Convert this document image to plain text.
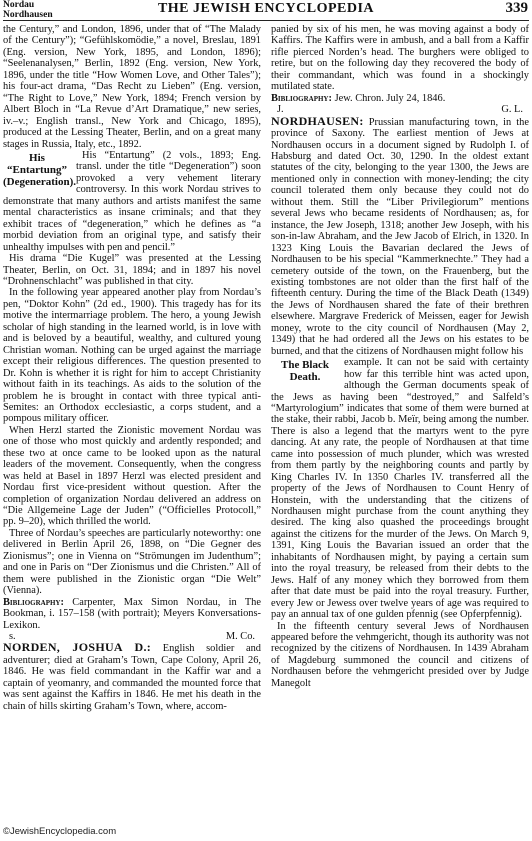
Nordau
Nordhausen	THE JEWISH ENCYCLOPEDIA	339

the Century,” and London, 1896, under that of “The Malady of the Century”); “Gefühlskomödie,” a novel, Breslau, 1891 (Eng. version, New York, 1895, and London, 1896); “Seelenanalysen,” Berlin, 1892 (Eng. version, New York, 1896, under the title “How Women Love, and Other Tales”); his four-act drama, “Das Recht zu Lieben” (Eng. version, “The Right to Love,” New York, 1894; French version by Albert Bloch in “La Revue d’Art Dramatique,” new series, iv.–v.; English transl., New York and Chicago, 1895), produced at the Lessing Theater, Berlin, and on a great many stages in Russia, Italy, etc., 1892.

His “Entartung” (Degeneration).

His “Entartung” (2 vols., 1893; Eng. transl. under the title “Degeneration”) soon provoked a very vehement literary controversy. In this work Nordau strives to demonstrate that many authors and artists manifest the same mental characteristics as insane criminals; and that they exhibit traces of “degeneration,” which he defines as “a morbid deviation from an original type, and satisfy their unhealthy impulses with pen and pencil.”

His drama “Die Kugel” was presented at the Lessing Theater, Berlin, on Oct. 31, 1894; and in 1897 his novel “Drohnenschlacht” was published in that city.

In the following year appeared another play from Nordau’s pen, “Doktor Kohn” (2d ed., 1900). This tragedy has for its motive the intermarriage problem. The hero, a young Jewish scholar of high standing in the learned world, is in love with and is beloved by a beautiful, wealthy, and cultured young Christian woman. Nothing can be urged against the marriage except their religious differences. The question presented to Dr. Kohn is whether it is right for him to accept Christianity without faith in its teachings. As aids to the solution of the problem he is brought in contact with three typical anti-Semites: an Orthodox ecclesiastic, a corps student, and a pompous military officer.

When Herzl started the Zionistic movement Nordau was one of those who most quickly and ardently responded; and these two at once came to be looked upon as the natural leaders of the movement. Consequently, when the congress was held at Basel in 1897 Herzl was elected president and Nordau first vice-president without question. After the completion of organization Nordau delivered an address on “Die Allgemeine Lage der Juden” (“Officielles Protocoll,” pp. 9–20), which thrilled the world.

Three of Nordau’s speeches are particularly noteworthy: one delivered in Berlin April 26, 1898, on “Die Gegner des Zionismus”; one in Vienna on “Strömungen im Judenthum”; and one in Paris on “Der Zionismus und die Christen.” All of them were published in the Zionistic organ “Die Welt” (Vienna).

Bibliography: Carpenter, Max Simon Nordau, in The Bookman, i. 157–158 (with portrait); Meyers Konversations-Lexikon.

s.	M. Co.

NORDEN, JOSHUA D.: English soldier and adventurer; died at Graham’s Town, Cape Colony, April 26, 1846. He was field commandant in the Kaffir war and a captain of yeomanry, and commanded the mounted force that was sent against the Kaffirs in 1846. He met his death in the chain of hills skirting Graham’s Town, where, accom-

panied by six of his men, he was moving against a body of Kaffirs. The Kaffirs were in ambush, and a ball from a Kaffir rifle pierced Norden’s head. The burghers were obliged to retire, but on the following day they recovered the body of their commandant, which was found in a shockingly mutilated state.

Bibliography: Jew. Chron. July 24, 1846.

J.	G. L.

NORDHAUSEN: Prussian manufacturing town, in the province of Saxony. The earliest mention of Jews at Nordhausen occurs in a document signed by Rudolph I. of Habsburg and dated Oct. 30, 1290. In the oldest extant statutes of the city, belonging to the year 1300, the Jews are mentioned only in connection with money-lending; the city council tolerated them only because they could not do without them. Still the “Liber Privilegiorum” mentions several Jews who became residents of Nordhausen; as, for instance, the Jew Joseph, 1318; another Jew Joseph, with his son-in-law Abraham, and the Jew Jacob of Elrich, in 1320. In 1323 King Louis the Bavarian declared the Jews of Nordhausen to be his special “Kammerknechte.” They had a cemetery outside of the town, on the Frauenberg, but the existing tombstones are not older than the first half of the fifteenth century. During the time of the Black Death (1349) the Jews of Nordhausen shared the fate of their brethren elsewhere. Margrave Frederick of Meissen, eager for Jewish money, wrote to the city council of Nordhausen (May 2, 1349) that he had ordered all the Jews on his estates to be burned, and that the citizens of Nordhausen might follow his

The Black Death.

example. It can not be said with certainty how far this terrible hint was acted upon, although the German documents speak of the Jews as having been “destroyed,” and Salfeld’s “Martyrologium” indicates that some of them were burned at the stake, their rabbi, Jacob b. Meïr, being among the number. There is also a legend that the martyrs went to the pyre dancing. At any rate, the people of Nordhausen at that time came into possession of much plunder, which was wrested from them partly by the neighboring counts and partly by King Charles IV. In 1350 Charles IV. transferred all the property of the Jews of Nordhausen to Count Henry of Honstein, with the understanding that the citizens of Nordhausen might purchase from the count anything they desired. The king also quashed the proceedings brought against the citizens for the murder of the Jews. On March 9, 1391, King Louis the Bavarian issued an order that the inhabitants of Nordhausen might, by paying a certain sum into the royal treasury, be released from their debts to the Jews. Half of any money which they borrowed from them after that date must be paid into the royal treasury. Further, every Jew or Jewess over twelve years of age was required to pay an annual tax of one gulden pfennig (see Opferpfennig).

In the fifteenth century several Jews of Nordhausen appeared before the vehmgericht, though its authority was not recognized by the citizens of Nordhausen. In 1439 Abraham of Magdeburg summoned the council and citizens of Nordhausen before the vehmgericht presided over by Judge Manegolt

©JewishEncyclopedia.com
